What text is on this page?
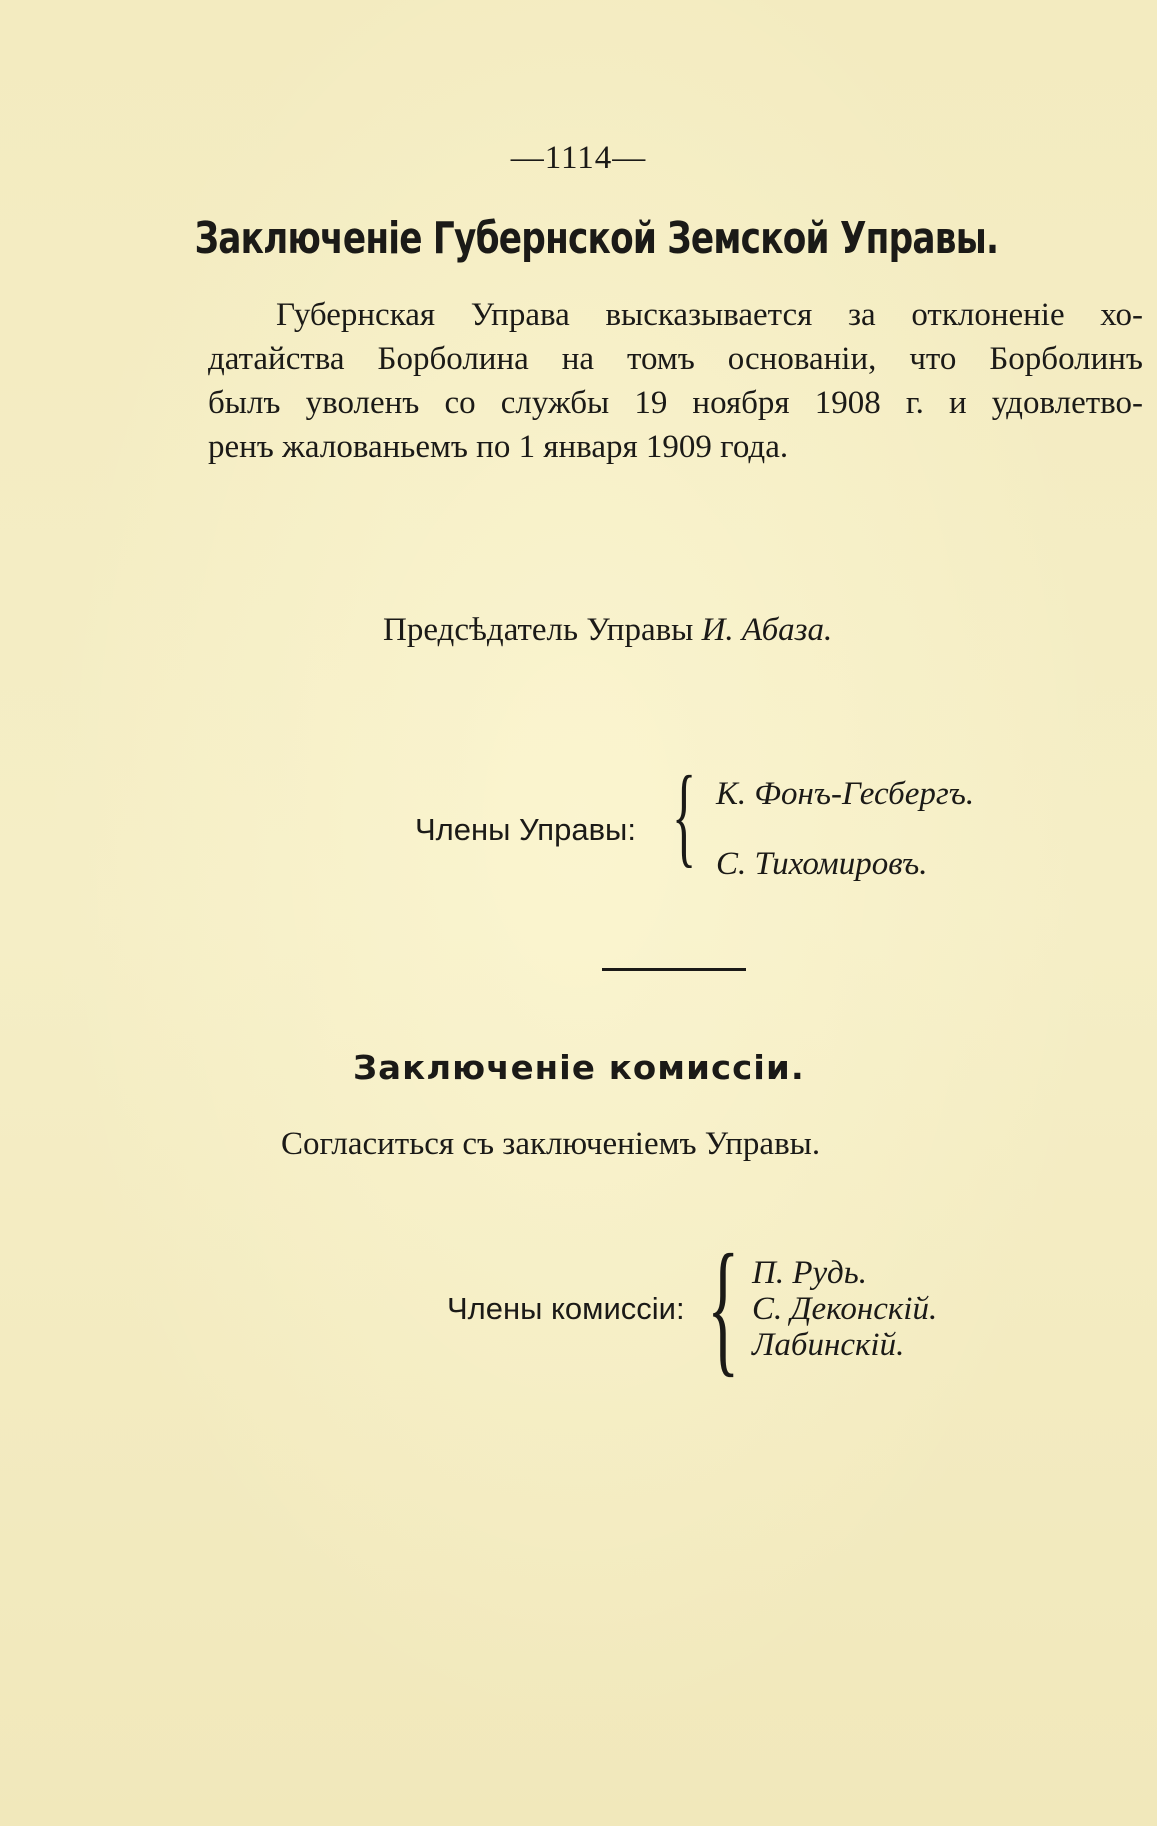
—1114—
Заключенiе Губернской Земской Управы.
Губернская Управа высказывается за отклоненiе хо-
датайства Борболина на томъ основанiи, что Борболинъ
былъ уволенъ со службы 19 ноября 1908 г. и удовлетво-
ренъ жалованьемъ по 1 января 1909 года.
Предсѣдатель Управы И. Абаза.
Члены Управы: { К. Фонъ-Гесбергъ.
С. Тихомировъ.
Заключенiе комиссiи.
Согласиться съ заключенiемъ Управы.
Члены комиссiи: { П. Рудь.
С. Деконскiй.
Лабинскiй.
